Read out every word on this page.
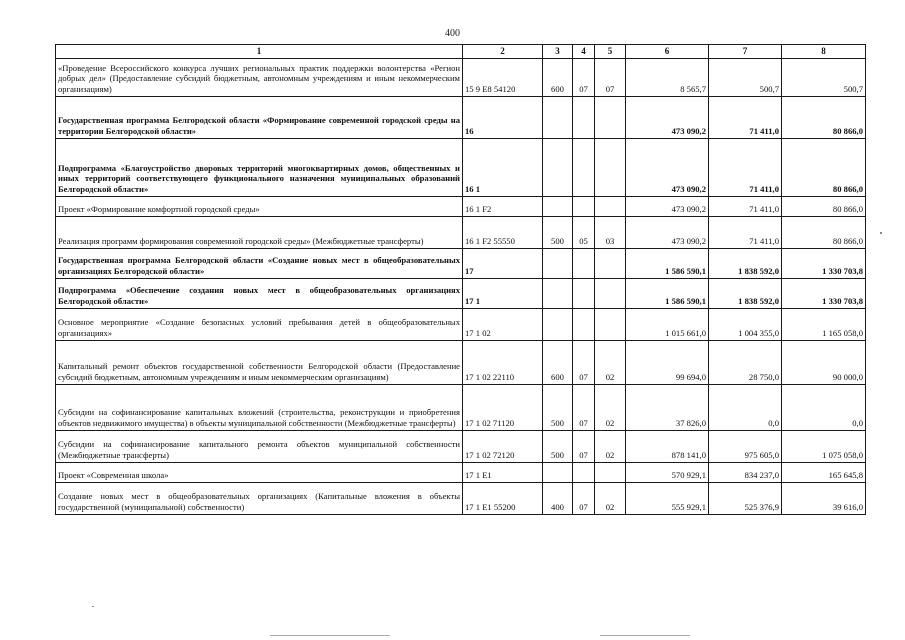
400
1	2	3	4	5	6	7	8
«Проведение Всероссийского конкурса лучших региональных практик поддержки волонтерства «Регион добрых дел» (Предоставление субсидий бюджетным, автономным учреждениям и иным некоммерческим организациям)	15 9 Е8 54120	600	07	07	8 565,7	500,7	500,7
Государственная программа Белгородской области «Формирование современной городской среды на территории Белгородской области»	16				473 090,2	71 411,0	80 866,0
Подпрограмма «Благоустройство дворовых территорий многоквартирных домов, общественных и иных территорий соответствующего функционального назначения муниципальных образований Белгородской области»	16 1				473 090,2	71 411,0	80 866,0
Проект «Формирование комфортной городской среды»	16 1 F2				473 090,2	71 411,0	80 866,0
Реализация программ формирования современной городской среды» (Межбюджетные трансферты)	16 1 F2 55550	500	05	03	473 090,2	71 411,0	80 866,0
Государственная программа Белгородской области «Создание новых мест в общеобразовательных организациях Белгородской области»	17				1 586 590,1	1 838 592,0	1 330 703,8
Подпрограмма «Обеспечение создания новых мест в общеобразовательных организациях Белгородской области»	17 1				1 586 590,1	1 838 592,0	1 330 703,8
Основное мероприятие «Создание безопасных условий пребывания детей в общеобразовательных организациях»	17 1 02				1 015 661,0	1 004 355,0	1 165 058,0
Капитальный ремонт объектов государственной собственности Белгородской области (Предоставление субсидий бюджетным, автономным учреждениям и иным некоммерческим организациям)	17 1 02 22110	600	07	02	99 694,0	28 750,0	90 000,0
Субсидии на софинансирование капитальных вложений (строительства, реконструкции и приобретения объектов недвижимого имущества) в объекты муниципальной собственности (Межбюджетные трансферты)	17 1 02 71120	500	07	02	37 826,0	0,0	0,0
Субсидии на софинансирование капитального ремонта объектов муниципальной собственности (Межбюджетные трансферты)	17 1 02 72120	500	07	02	878 141,0	975 605,0	1 075 058,0
Проект «Современная школа»	17 1 E1				570 929,1	834 237,0	165 645,8
Создание новых мест в общеобразовательных организациях (Капитальные вложения в объекты государственной (муниципальной) собственности)	17 1 E1 55200	400	07	02	555 929,1	525 376,9	39 616,0
